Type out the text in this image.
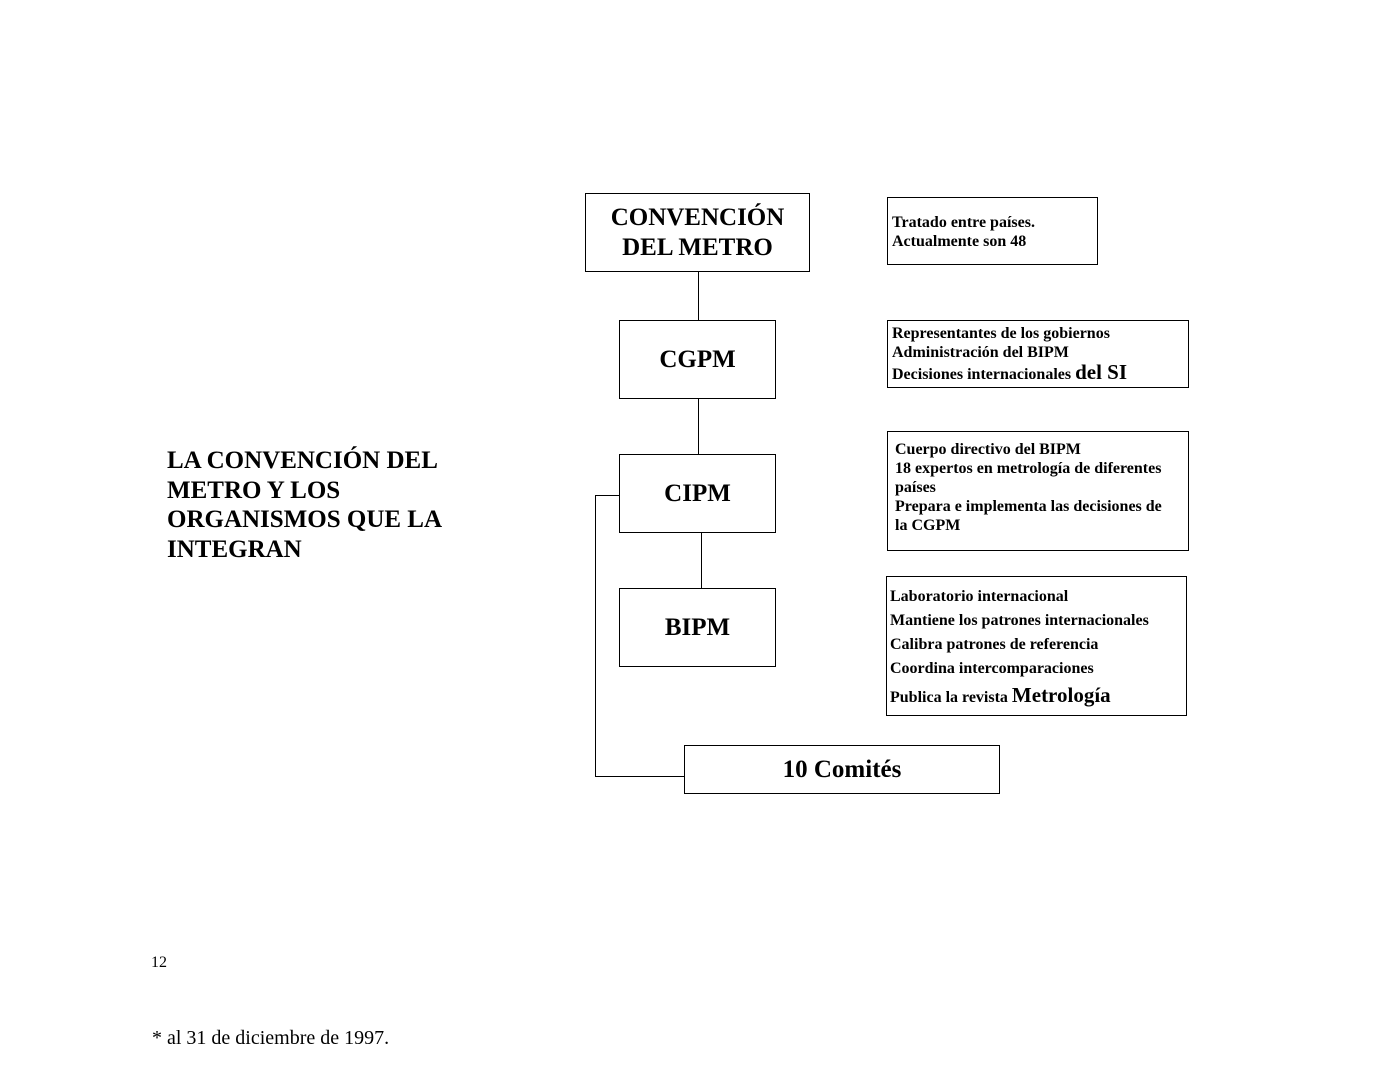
LA CONVENCIÓN DEL
METRO Y LOS
ORGANISMOS QUE LA
INTEGRAN
CONVENCIÓN
DEL METRO
CGPM
CIPM
BIPM
10 Comités
Tratado entre países.
Actualmente son 48
Representantes de los gobiernos
Administración del BIPM
Decisiones internacionales del SI
Cuerpo directivo del BIPM
18 expertos en metrología de diferentes
países
Prepara e implementa las decisiones de
la CGPM
Laboratorio internacional
Mantiene los patrones internacionales
Calibra patrones de referencia
Coordina intercomparaciones
Publica la revista Metrología
12
* al 31 de diciembre de 1997.
